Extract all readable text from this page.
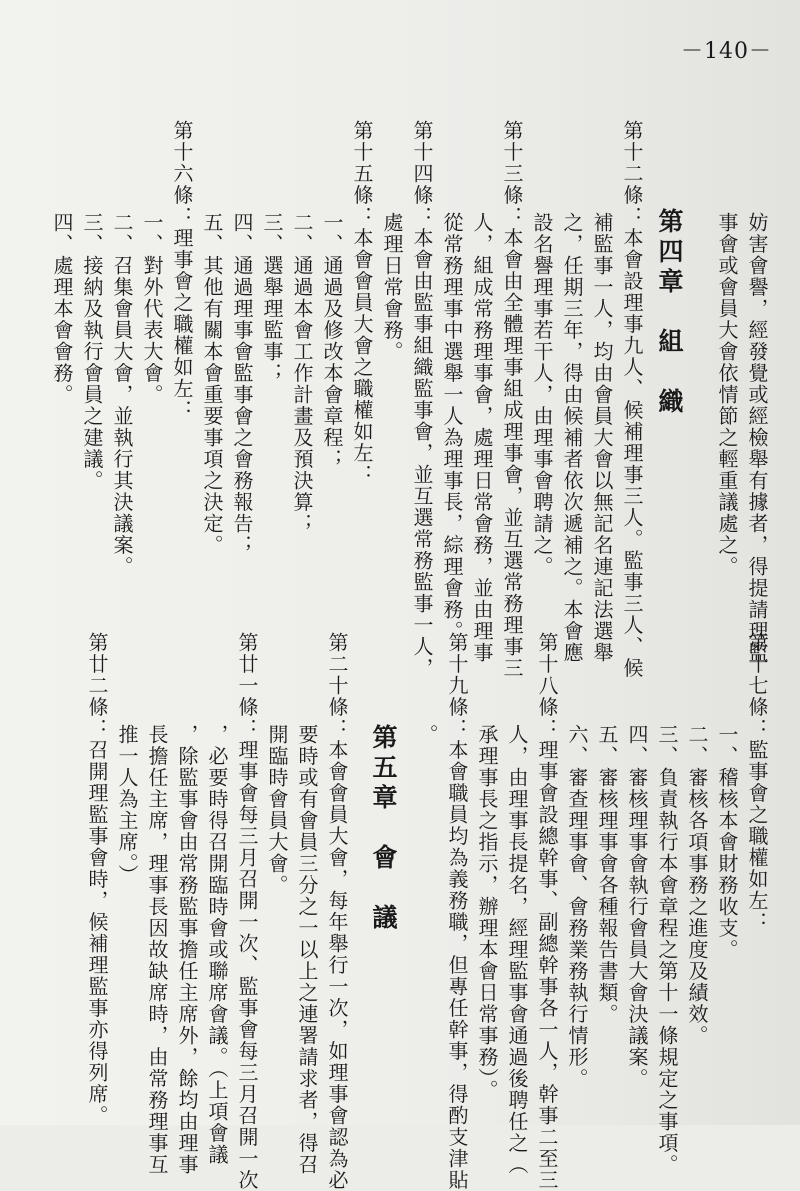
－140－
妨害會譽，經發覺或經檢舉有據者，得提請理監
事會或會員大會依情節之輕重議處之。
第四章　組　織
第十二條：本會設理事九人、候補理事三人。監事三人、候
補監事一人，均由會員大會以無記名連記法選舉
之，任期三年，得由候補者依次遞補之。本會應
設名譽理事若干人，由理事會聘請之。
第十三條：本會由全體理事組成理事會，並互選常務理事三
人，組成常務理事會，處理日常會務，並由理事
從常務理事中選舉一人為理事長，綜理會務。
第十四條：本會由監事組織監事會，並互選常務監事一人，
處理日常會務。
第十五條：本會會員大會之職權如左：
一、通過及修改本會章程；
二、通過本會工作計畫及預決算；
三、選舉理監事；
四、通過理事會監事會之會務報告；
五、其他有關本會重要事項之決定。
第十六條：理事會之職權如左：
一、對外代表大會。
二、召集會員大會，並執行其決議案。
三、接納及執行會員之建議。
四、處理本會會務。
第十七條：監事會之職權如左：
一、稽核本會財務收支。
二、審核各項事務之進度及績效。
三、負責執行本會章程之第十一條規定之事項。
四、審核理事會執行會員大會決議案。
五、審核理事會各種報告書類。
六、審查理事會、會務業務執行情形。
第十八條：理事會設總幹事、副總幹事各一人，幹事二至三
人，由理事長提名，經理監事會通過後聘任之（
承理事長之指示，辦理本會日常事務）。
第十九條：本會職員均為義務職，但專任幹事，得酌支津貼
。
第五章　會　議
第二十條：本會會員大會，每年舉行一次，如理事會認為必
要時或有會員三分之一以上之連署請求者，得召
開臨時會員大會。
第廿一條：理事會每三月召開一次、監事會每三月召開一次
，必要時得召開臨時會或聯席會議。（上項會議
，除監事會由常務監事擔任主席外，餘均由理事
長擔任主席，理事長因故缺席時，由常務理事互
推一人為主席。）
第廿二條：召開理監事會時，候補理監事亦得列席。
